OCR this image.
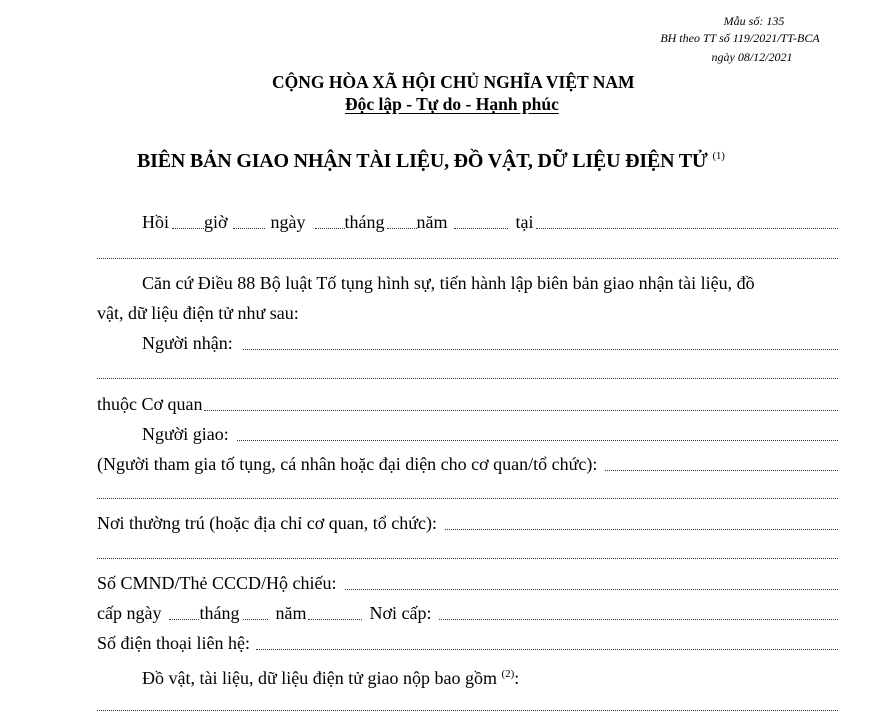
Mẫu số: 135
BH theo TT số 119/2021/TT-BCA
ngày 08/12/2021
CỘNG HÒA XÃ HỘI CHỦ NGHĨA VIỆT NAM
Độc lập - Tự do - Hạnh phúc
BIÊN BẢN GIAO NHẬN TÀI LIỆU, ĐỒ VẬT, DỮ LIỆU ĐIỆN TỬ $^{(1)}$
Hồi giờ ngày tháng năm	tại
Căn cứ Điều 88 Bộ luật Tố tụng hình sự, tiến hành lập biên bản giao nhận tài liệu, đồ
vật, dữ liệu điện tử như sau:
Người nhận:
thuộc Cơ quan
Người giao:
(Người tham gia tố tụng, cá nhân hoặc đại diện cho cơ quan/tổ chức):
Nơi thường trú (hoặc địa chỉ cơ quan, tổ chức):
Số CMND/Thẻ CCCD/Hộ chiếu:
cấp ngày tháng năm	Nơi cấp:
Số điện thoại liên hệ:
Đồ vật, tài liệu, dữ liệu điện tử giao nộp bao gồm $^{(2)}$:
